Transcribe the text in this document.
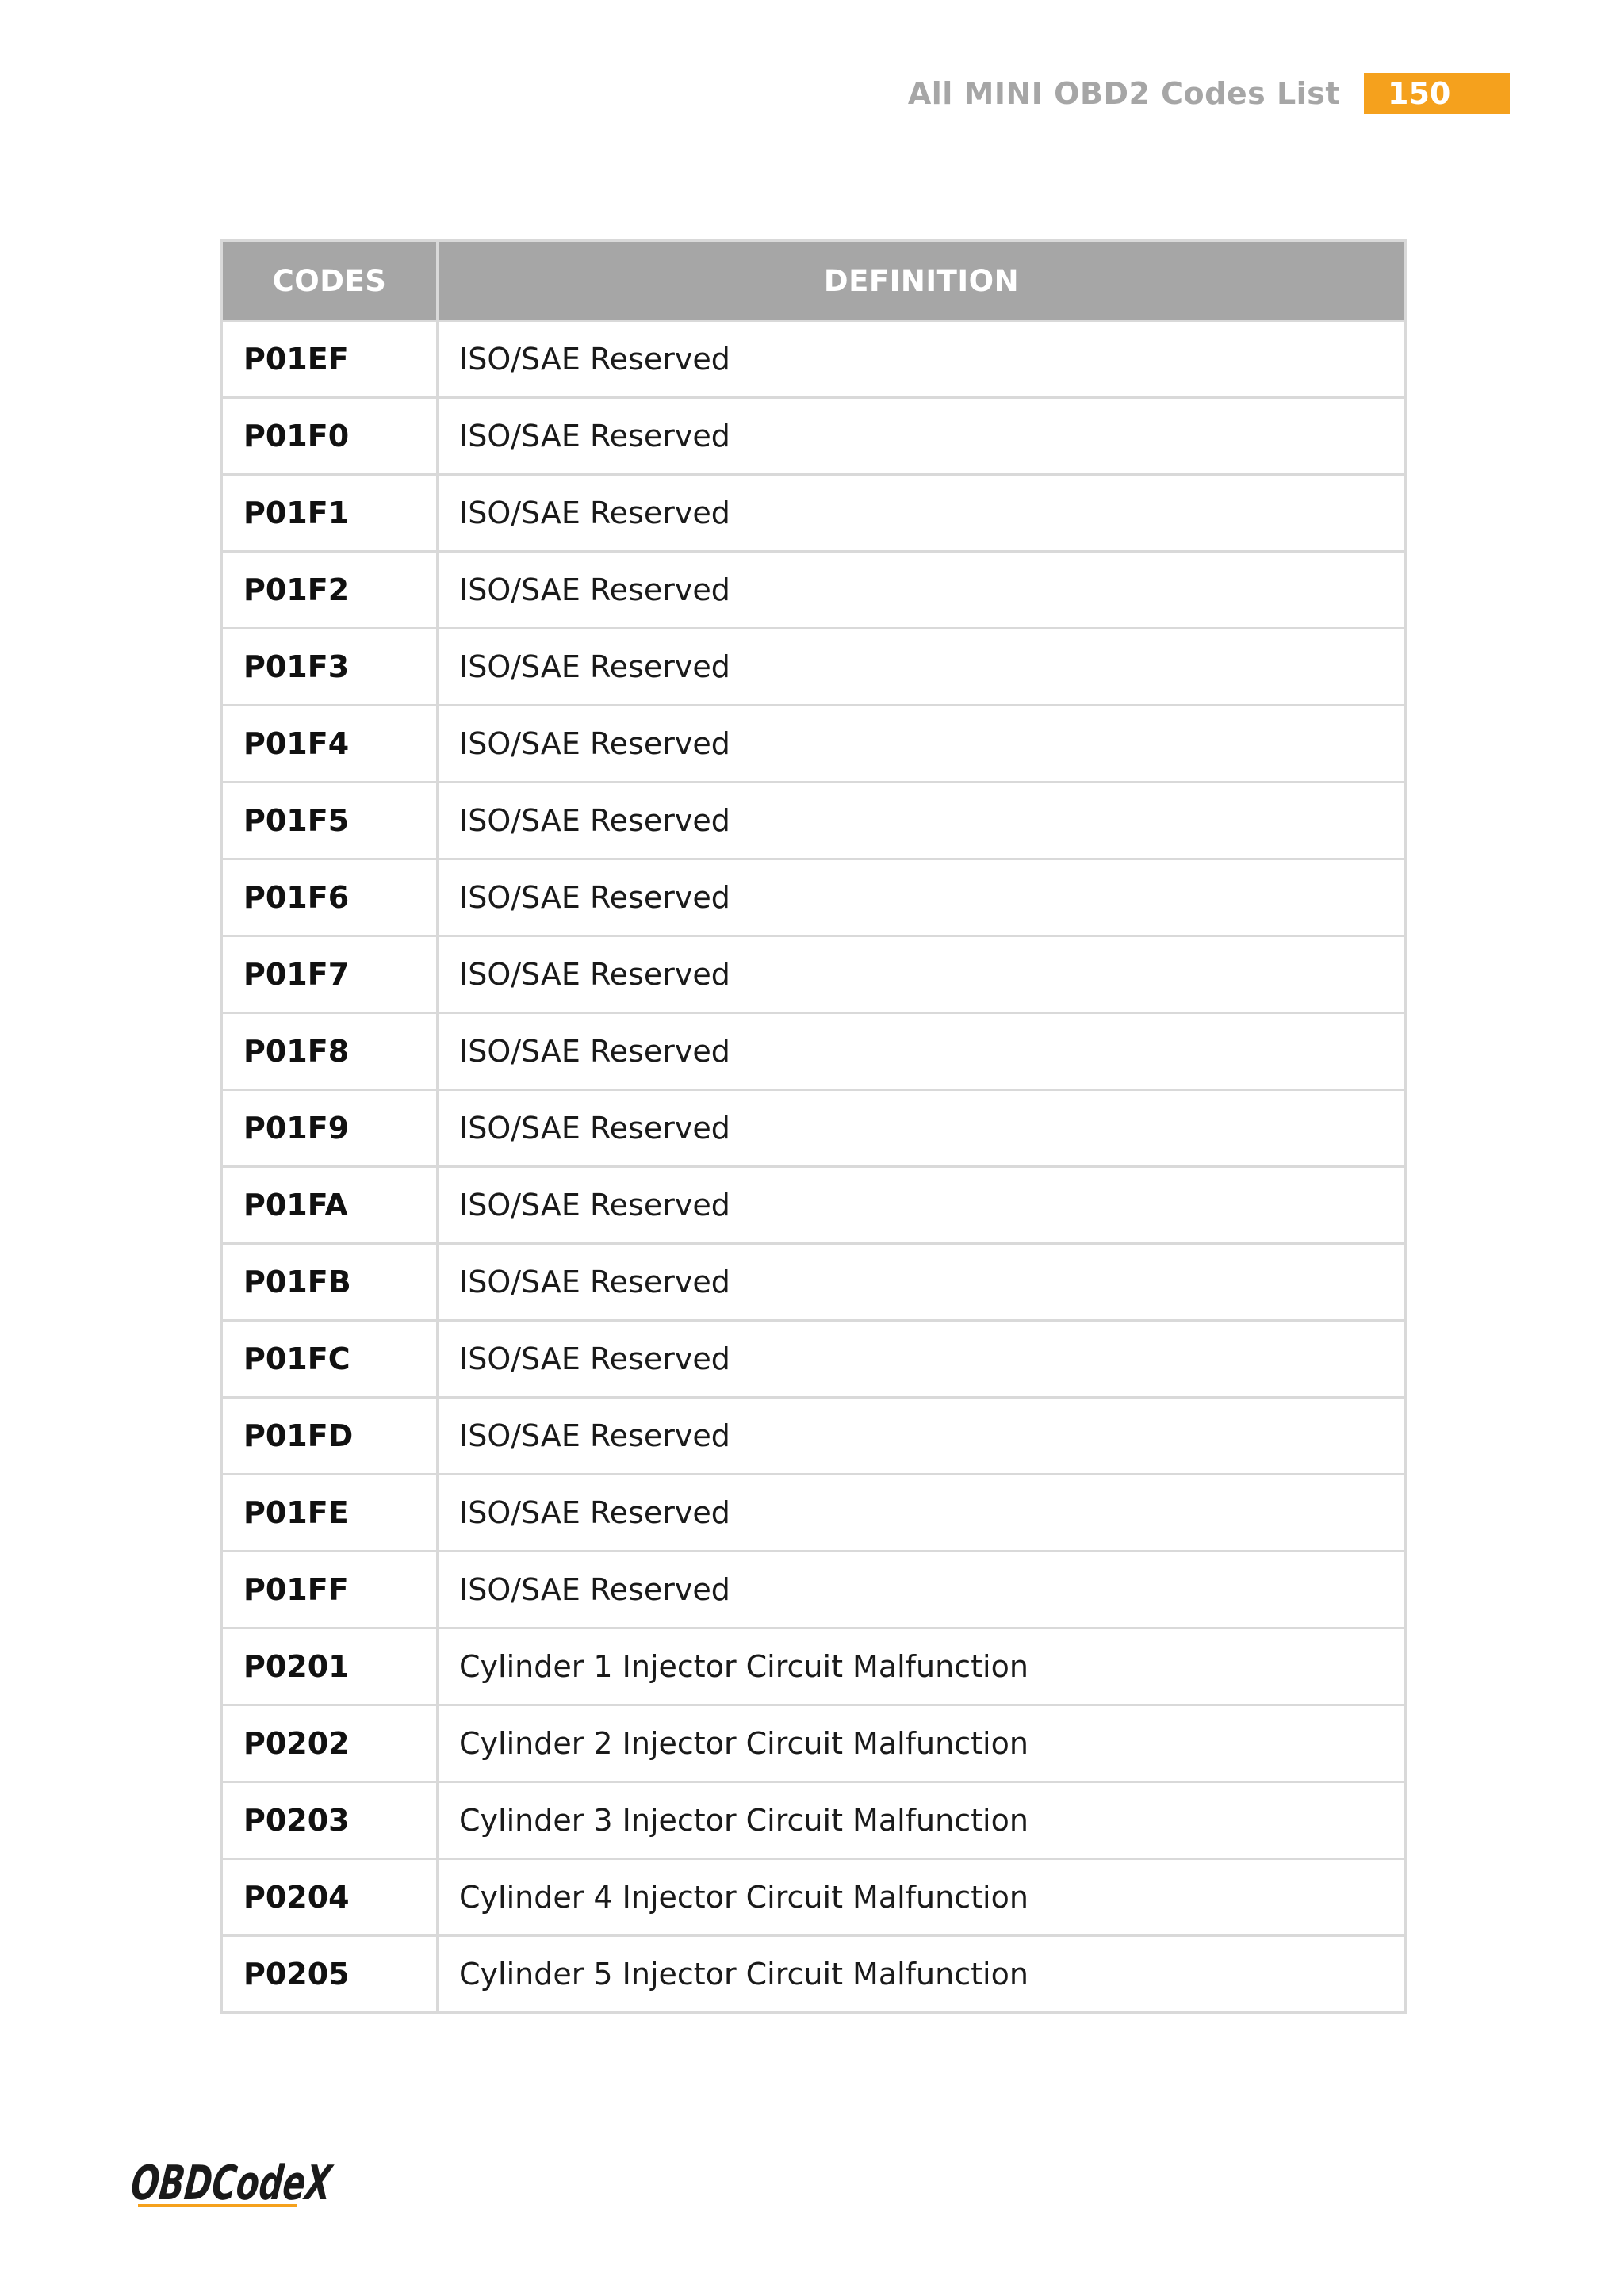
All MINI OBD2 Codes List	150
CODES	DEFINITION
P01EF	ISO/SAE Reserved
P01F0	ISO/SAE Reserved
P01F1	ISO/SAE Reserved
P01F2	ISO/SAE Reserved
P01F3	ISO/SAE Reserved
P01F4	ISO/SAE Reserved
P01F5	ISO/SAE Reserved
P01F6	ISO/SAE Reserved
P01F7	ISO/SAE Reserved
P01F8	ISO/SAE Reserved
P01F9	ISO/SAE Reserved
P01FA	ISO/SAE Reserved
P01FB	ISO/SAE Reserved
P01FC	ISO/SAE Reserved
P01FD	ISO/SAE Reserved
P01FE	ISO/SAE Reserved
P01FF	ISO/SAE Reserved
P0201	Cylinder 1 Injector Circuit Malfunction
P0202	Cylinder 2 Injector Circuit Malfunction
P0203	Cylinder 3 Injector Circuit Malfunction
P0204	Cylinder 4 Injector Circuit Malfunction
P0205	Cylinder 5 Injector Circuit Malfunction
OBDCodeX
